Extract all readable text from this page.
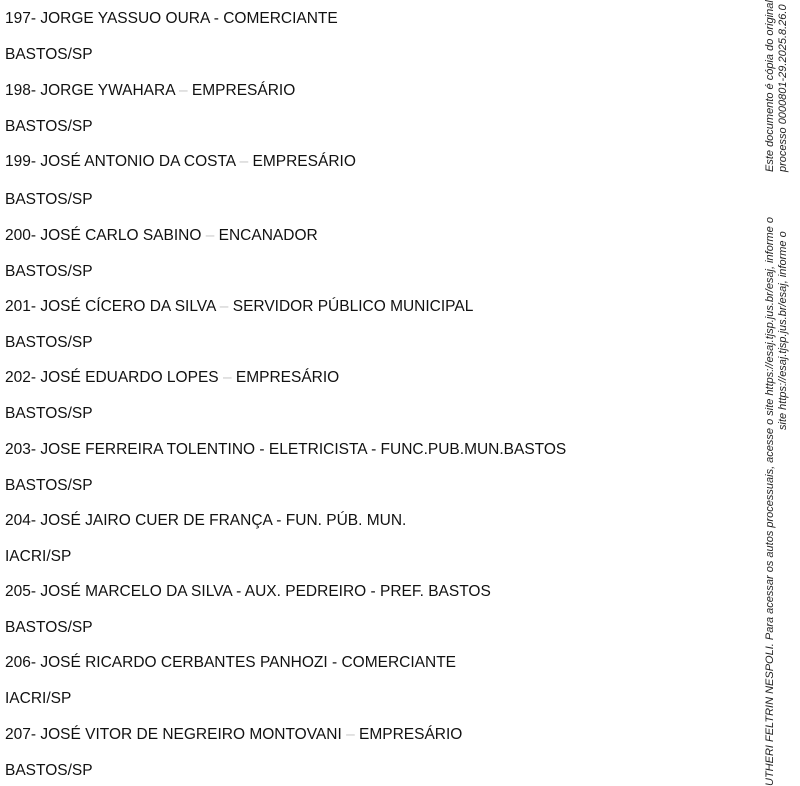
197- JORGE YASSUO OURA - COMERCIANTE
BASTOS/SP
198- JORGE YWAHARA – EMPRESÁRIO
BASTOS/SP
199- JOSÉ ANTONIO DA COSTA – EMPRESÁRIO
BASTOS/SP
200- JOSÉ CARLO SABINO – ENCANADOR
BASTOS/SP
201- JOSÉ CÍCERO DA SILVA – SERVIDOR PÚBLICO MUNICIPAL
BASTOS/SP
202- JOSÉ EDUARDO LOPES – EMPRESÁRIO
BASTOS/SP
203- JOSE FERREIRA TOLENTINO - ELETRICISTA - FUNC.PUB.MUN.BASTOS
BASTOS/SP
204- JOSÉ JAIRO CUER DE FRANÇA - FUN. PÚB. MUN.
IACRI/SP
205- JOSÉ MARCELO DA SILVA - AUX. PEDREIRO - PREF. BASTOS
BASTOS/SP
206- JOSÉ RICARDO CERBANTES PANHOZI - COMERCIANTE
IACRI/SP
207- JOSÉ VITOR DE NEGREIRO MONTOVANI – EMPRESÁRIO
BASTOS/SP
Este documento é cópia do original processo 0000801-29.2025.8.26.0
site https://esaj.tjsp.jus.br/esaj, informe o
UTHERI FELTRIN NESPOLI. Para acessar os autos processuais, acesse o site https://esaj.tjsp.jus.br/esaj, informe o
